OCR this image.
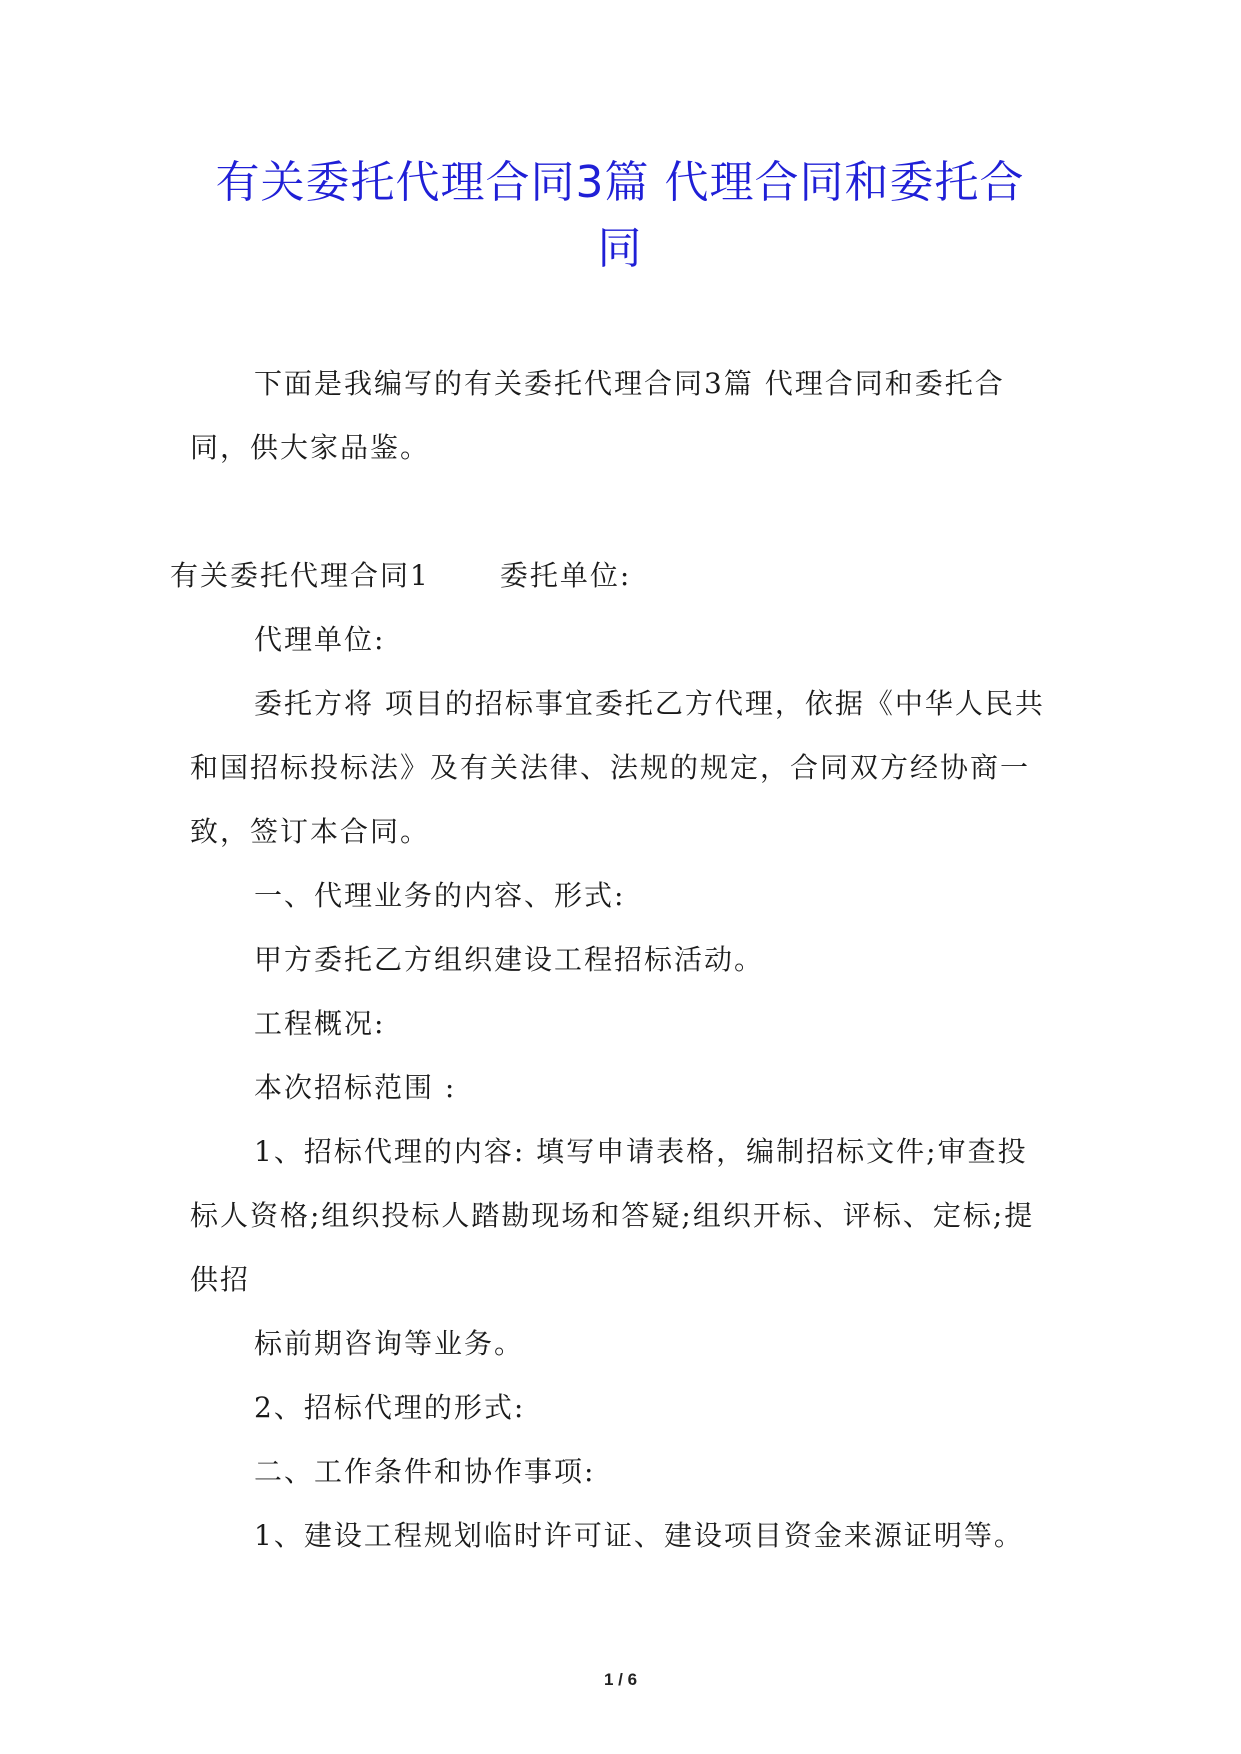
有关委托代理合同3篇 代理合同和委托合
同

下面是我编写的有关委托代理合同3篇 代理合同和委托合同，供大家品鉴。

有关委托代理合同1	委托单位:

代理单位:

委托方将 项目的招标事宜委托乙方代理，依据《中华人民共和国招标投标法》及有关法律、法规的规定，合同双方经协商一致，签订本合同。

一、代理业务的内容、形式:

甲方委托乙方组织建设工程招标活动。

工程概况:

本次招标范围 :

1、招标代理的内容: 填写申请表格，编制招标文件;审查投标人资格;组织投标人踏勘现场和答疑;组织开标、评标、定标;提供招

标前期咨询等业务。

2、招标代理的形式:

二、工作条件和协作事项:

1、建设工程规划临时许可证、建设项目资金来源证明等。

1 / 6
